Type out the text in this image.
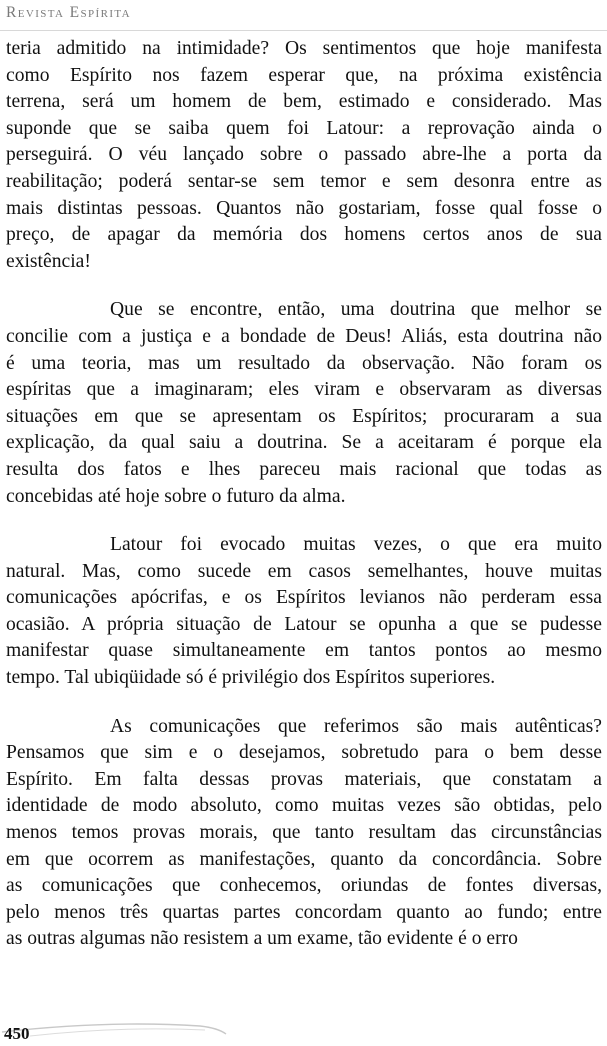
Revista Espírita
teria admitido na intimidade? Os sentimentos que hoje manifesta
como Espírito nos fazem esperar que, na próxima existência
terrena, será um homem de bem, estimado e considerado. Mas
suponde que se saiba quem foi Latour: a reprovação ainda o
perseguirá. O véu lançado sobre o passado abre-lhe a porta da
reabilitação; poderá sentar-se sem temor e sem desonra entre as
mais distintas pessoas. Quantos não gostariam, fosse qual fosse o
preço, de apagar da memória dos homens certos anos de sua
existência!
Que se encontre, então, uma doutrina que melhor se
concilie com a justiça e a bondade de Deus! Aliás, esta doutrina não
é uma teoria, mas um resultado da observação. Não foram os
espíritas que a imaginaram; eles viram e observaram as diversas
situações em que se apresentam os Espíritos; procuraram a sua
explicação, da qual saiu a doutrina. Se a aceitaram é porque ela
resulta dos fatos e lhes pareceu mais racional que todas as
concebidas até hoje sobre o futuro da alma.
Latour foi evocado muitas vezes, o que era muito
natural. Mas, como sucede em casos semelhantes, houve muitas
comunicações apócrifas, e os Espíritos levianos não perderam essa
ocasião. A própria situação de Latour se opunha a que se pudesse
manifestar quase simultaneamente em tantos pontos ao mesmo
tempo. Tal ubiqüidade só é privilégio dos Espíritos superiores.
As comunicações que referimos são mais autênticas?
Pensamos que sim e o desejamos, sobretudo para o bem desse
Espírito. Em falta dessas provas materiais, que constatam a
identidade de modo absoluto, como muitas vezes são obtidas, pelo
menos temos provas morais, que tanto resultam das circunstâncias
em que ocorrem as manifestações, quanto da concordância. Sobre
as comunicações que conhecemos, oriundas de fontes diversas,
pelo menos três quartas partes concordam quanto ao fundo; entre
as outras algumas não resistem a um exame, tão evidente é o erro
450
